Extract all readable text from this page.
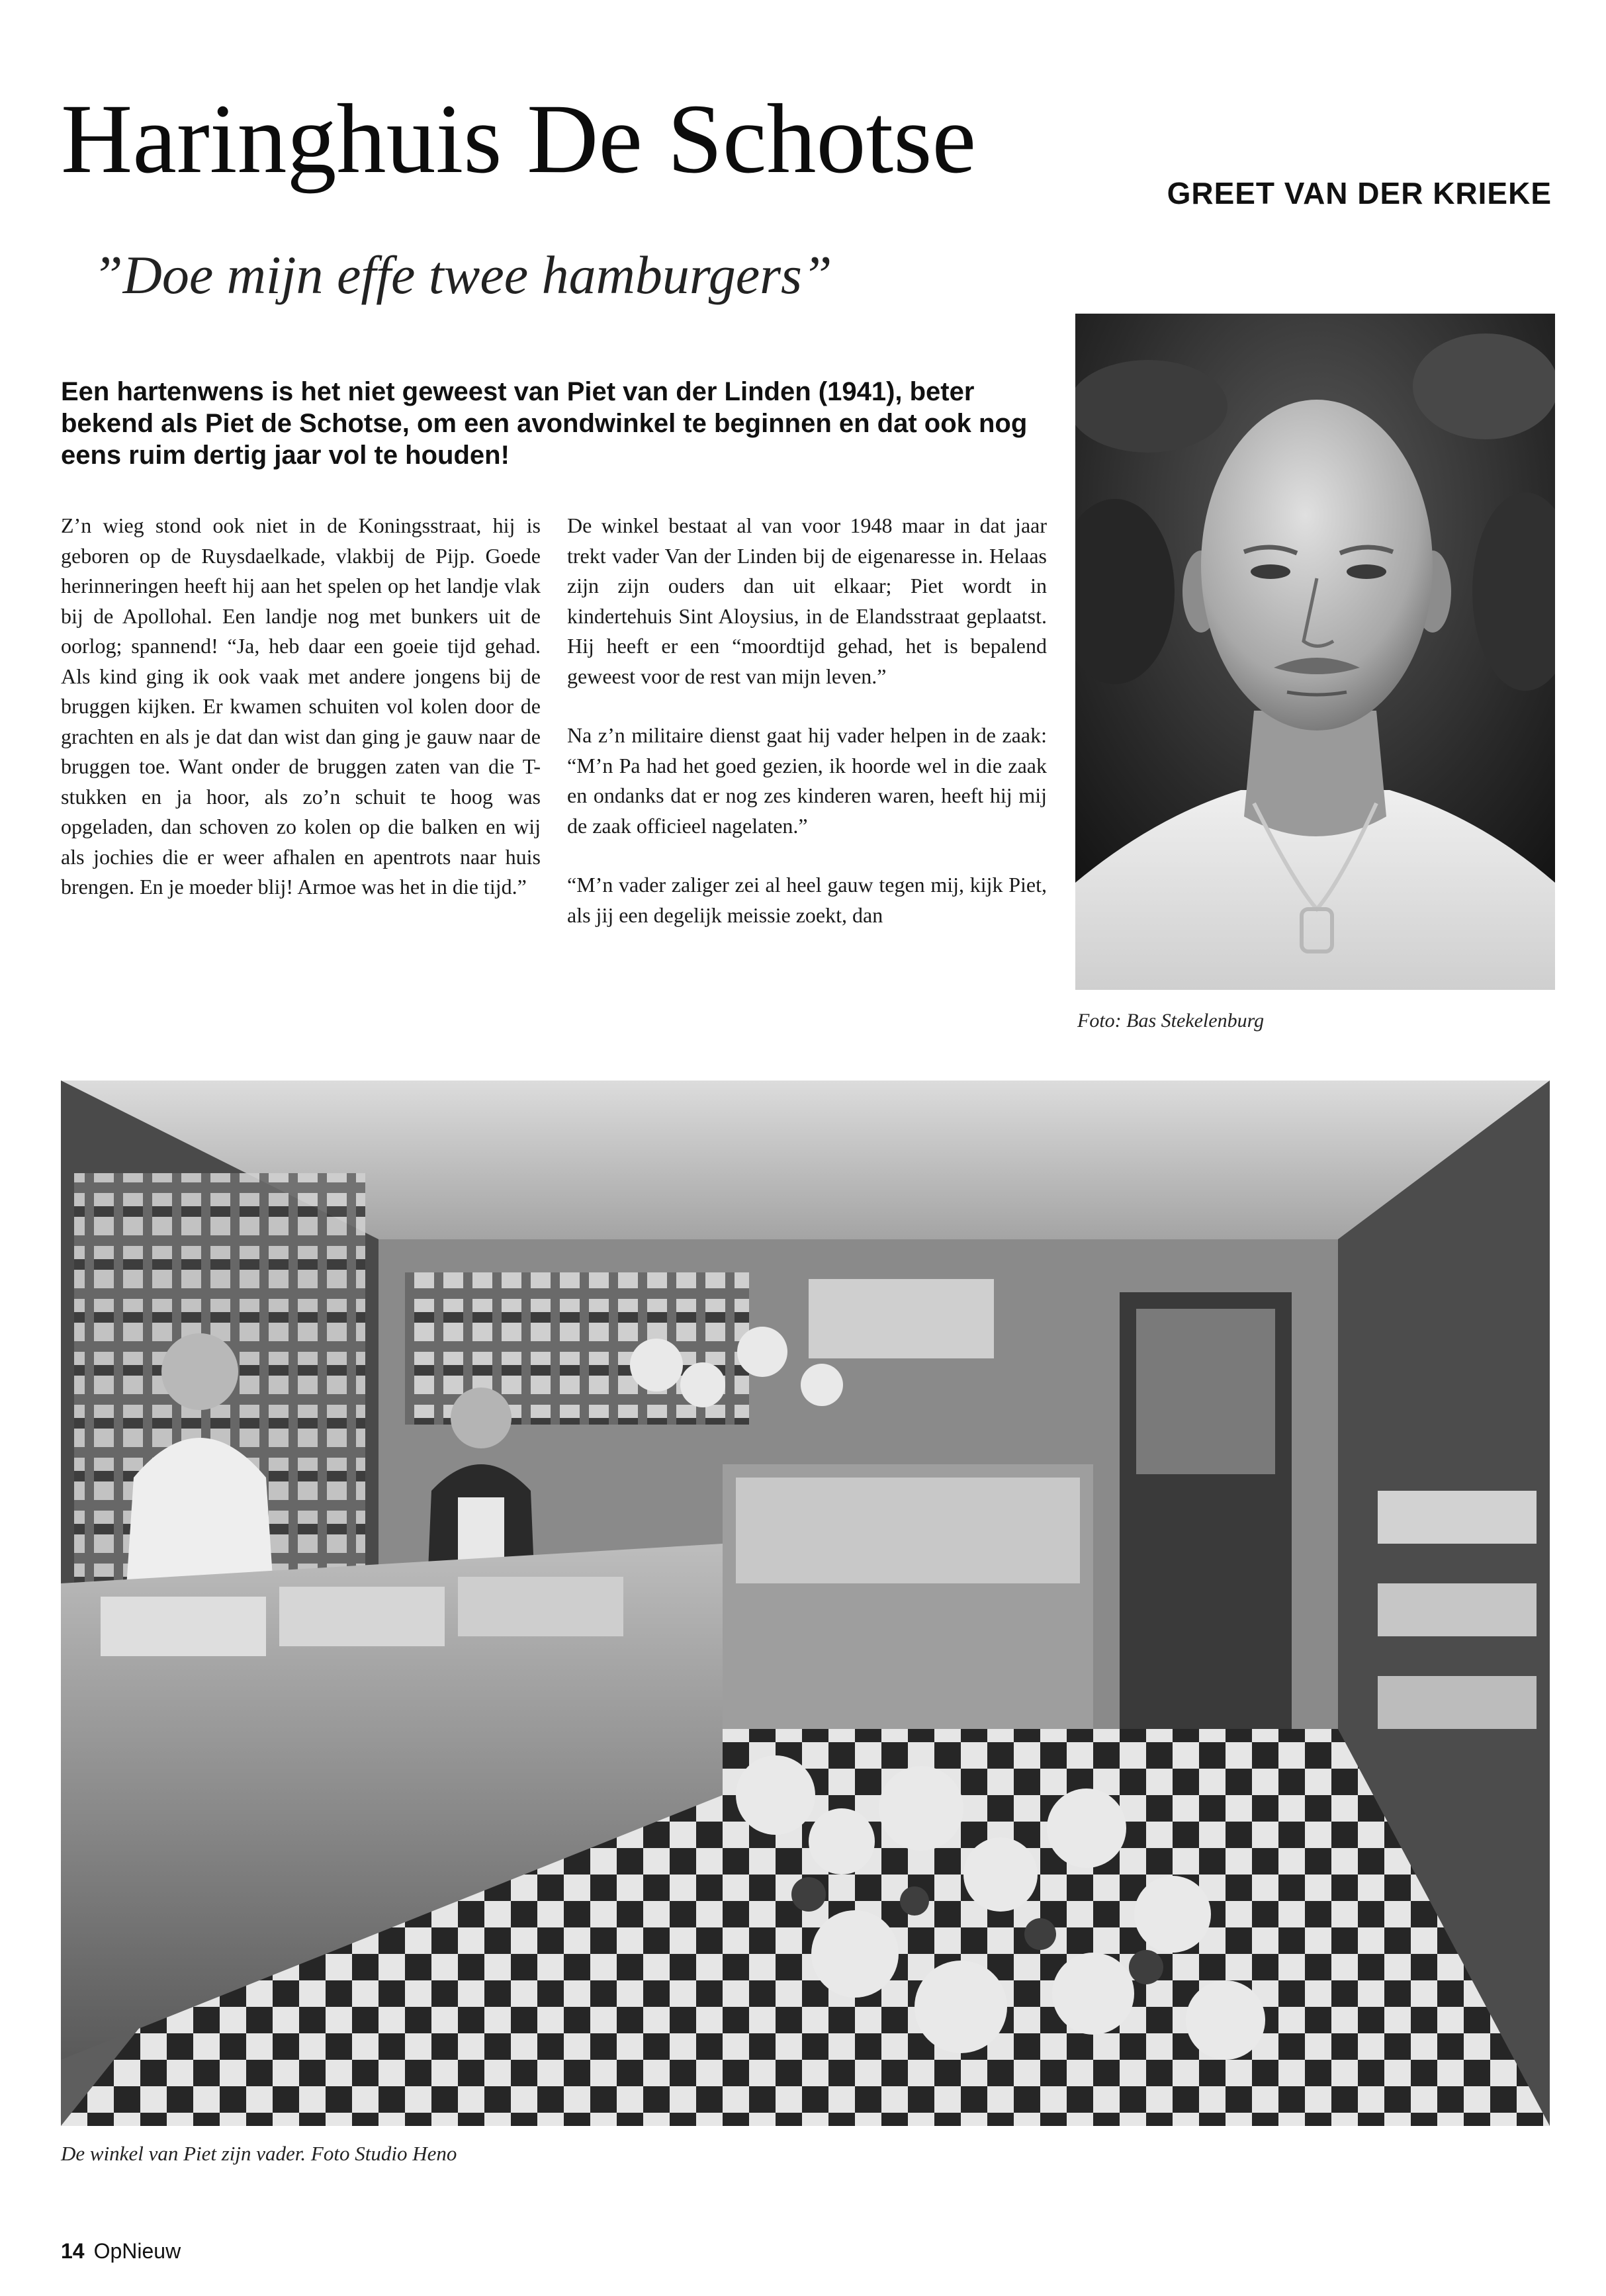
Haringhuis De Schotse	GREET VAN DER KRIEKE
”Doe mijn effe twee hamburgers”

Een hartenwens is het niet geweest van Piet van der Linden (1941), beter bekend als Piet de Schotse, om een avondwinkel te beginnen en dat ook nog eens ruim dertig jaar vol te houden!

Z’n wieg stond ook niet in de Koningsstraat, hij is geboren op de Ruysdaelkade, vlakbij de Pijp. Goede herinneringen heeft hij aan het spelen op het landje vlak bij de Apollohal. Een landje nog met bunkers uit de oorlog; spannend! “Ja, heb daar een goeie tijd gehad. Als kind ging ik ook vaak met andere jongens bij de bruggen kijken. Er kwamen schuiten vol kolen door de grachten en als je dat dan wist dan ging je gauw naar de bruggen toe. Want onder de bruggen zaten van die T-stukken en ja hoor, als zo’n schuit te hoog was opgeladen, dan schoven zo kolen op die balken en wij als jochies die er weer afhalen en apentrots naar huis brengen. En je moeder blij! Armoe was het in die tijd.”

De winkel bestaat al van voor 1948 maar in dat jaar trekt vader Van der Linden bij de eigenaresse in. Helaas zijn zijn ouders dan uit elkaar; Piet wordt in kindertehuis Sint Aloysius, in de Elandsstraat geplaatst. Hij heeft er een “moordtijd gehad, het is bepalend geweest voor de rest van mijn leven.”

Na z’n militaire dienst gaat hij vader helpen in de zaak: “M’n Pa had het goed gezien, ik hoorde wel in die zaak en ondanks dat er nog zes kinderen waren, heeft hij mij de zaak officieel nagelaten.”

“M’n vader zaliger zei al heel gauw tegen mij, kijk Piet, als jij een degelijk meissie zoekt, dan

Foto: Bas Stekelenburg
De winkel van Piet zijn vader. Foto Studio Heno
14 OpNieuw
